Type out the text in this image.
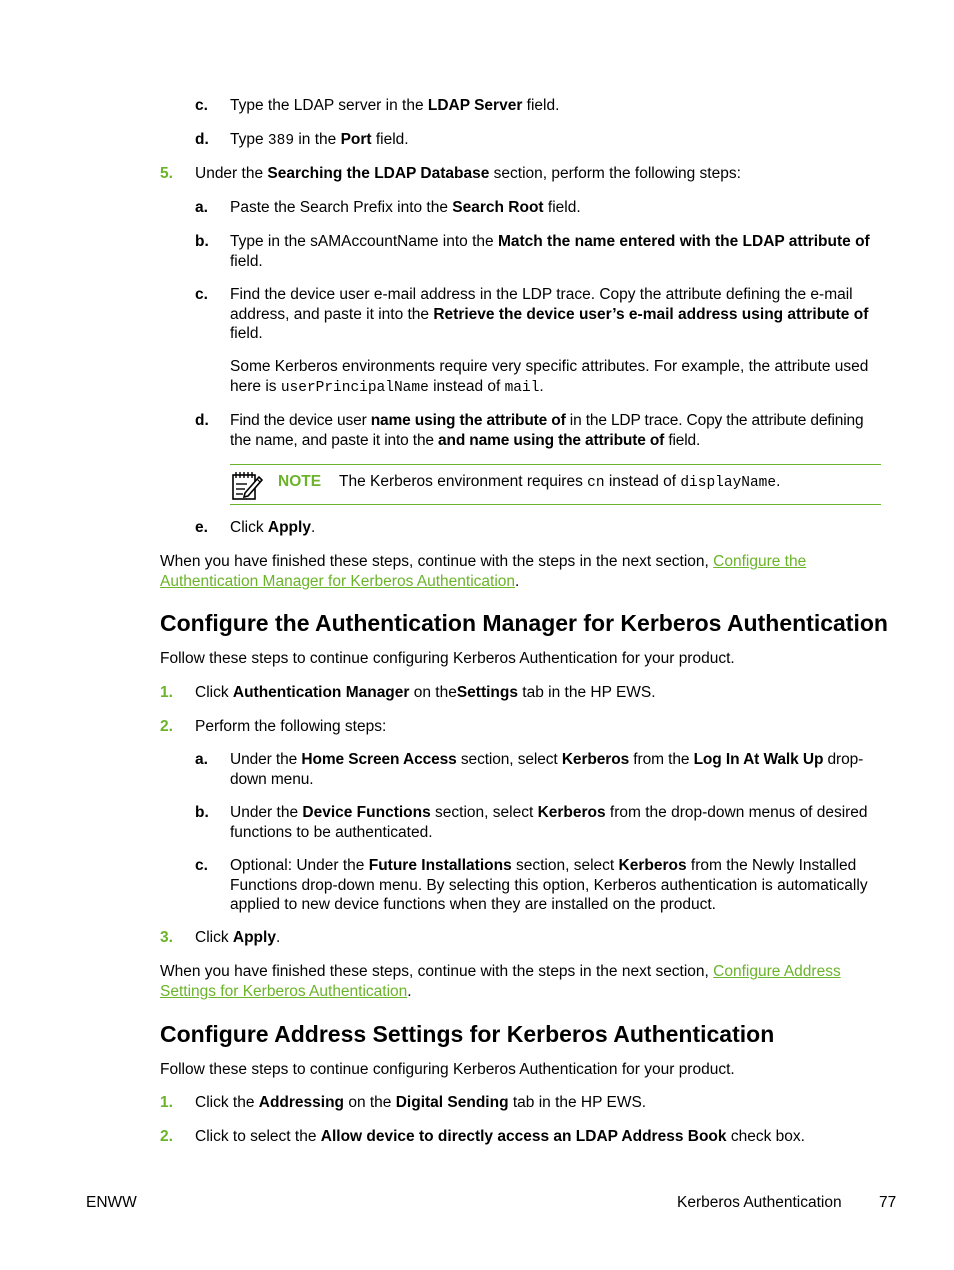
c. Type the LDAP server in the LDAP Server field.
d. Type 389 in the Port field.
5. Under the Searching the LDAP Database section, perform the following steps:
a. Paste the Search Prefix into the Search Root field.
b. Type in the sAMAccountName into the Match the name entered with the LDAP attribute of field.
c. Find the device user e-mail address in the LDP trace. Copy the attribute defining the e-mail address, and paste it into the Retrieve the device user’s e-mail address using attribute of field.
Some Kerberos environments require very specific attributes. For example, the attribute used here is userPrincipalName instead of mail.
d. Find the device user name using the attribute of in the LDP trace. Copy the attribute defining the name, and paste it into the and name using the attribute of field.
NOTE The Kerberos environment requires cn instead of displayName.
e. Click Apply.
When you have finished these steps, continue with the steps in the next section, Configure the Authentication Manager for Kerberos Authentication.
Configure the Authentication Manager for Kerberos Authentication
Follow these steps to continue configuring Kerberos Authentication for your product.
1. Click Authentication Manager on theSettings tab in the HP EWS.
2. Perform the following steps:
a. Under the Home Screen Access section, select Kerberos from the Log In At Walk Up drop-down menu.
b. Under the Device Functions section, select Kerberos from the drop-down menus of desired functions to be authenticated.
c. Optional: Under the Future Installations section, select Kerberos from the Newly Installed Functions drop-down menu. By selecting this option, Kerberos authentication is automatically applied to new device functions when they are installed on the product.
3. Click Apply.
When you have finished these steps, continue with the steps in the next section, Configure Address Settings for Kerberos Authentication.
Configure Address Settings for Kerberos Authentication
Follow these steps to continue configuring Kerberos Authentication for your product.
1. Click the Addressing on the Digital Sending tab in the HP EWS.
2. Click to select the Allow device to directly access an LDAP Address Book check box.
ENWW	Kerberos Authentication 77
